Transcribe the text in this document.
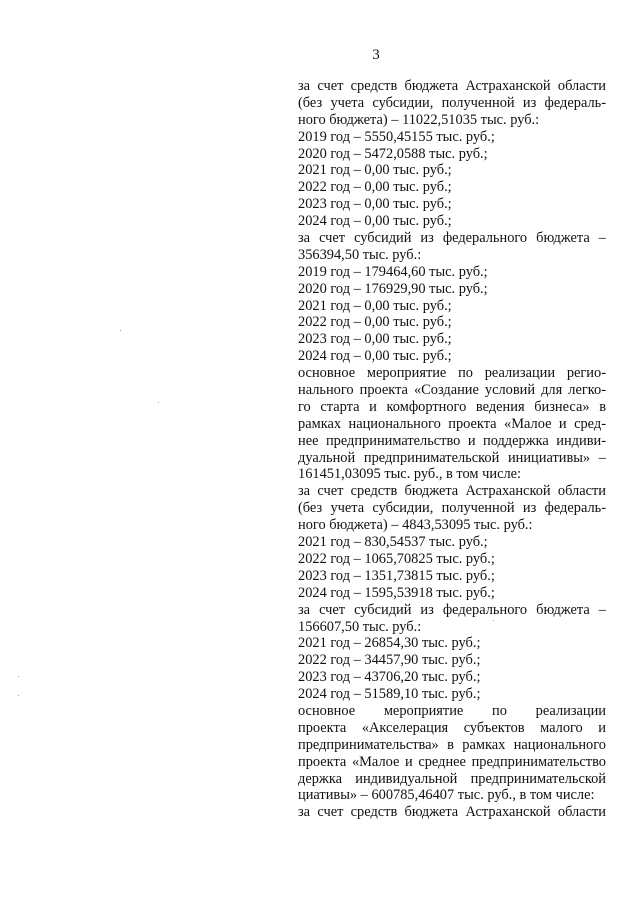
3
за счет средств бюджета Астраханской области
(без учета субсидии, полученной из федераль-
ного бюджета) – 11022,51035 тыс. руб.:
2019 год – 5550,45155 тыс. руб.;
2020 год – 5472,0588 тыс. руб.;
2021 год – 0,00 тыс. руб.;
2022 год – 0,00 тыс. руб.;
2023 год – 0,00 тыс. руб.;
2024 год – 0,00 тыс. руб.;
за счет субсидий из федерального бюджета –
356394,50 тыс. руб.:
2019 год – 179464,60 тыс. руб.;
2020 год – 176929,90 тыс. руб.;
2021 год – 0,00 тыс. руб.;
2022 год – 0,00 тыс. руб.;
2023 год – 0,00 тыс. руб.;
2024 год – 0,00 тыс. руб.;
основное мероприятие по реализации регио-
нального проекта «Создание условий для легко-
го старта и комфортного ведения бизнеса» в
рамках национального проекта «Малое и сред-
нее предпринимательство и поддержка индиви-
дуальной предпринимательской инициативы» –
161451,03095 тыс. руб., в том числе:
за счет средств бюджета Астраханской области
(без учета субсидии, полученной из федераль-
ного бюджета) – 4843,53095 тыс. руб.:
2021 год – 830,54537 тыс. руб.;
2022 год – 1065,70825 тыс. руб.;
2023 год – 1351,73815 тыс. руб.;
2024 год – 1595,53918 тыс. руб.;
за счет субсидий из федерального бюджета –
156607,50 тыс. руб.:
2021 год – 26854,30 тыс. руб.;
2022 год – 34457,90 тыс. руб.;
2023 год – 43706,20 тыс. руб.;
2024 год – 51589,10 тыс. руб.;
основное мероприятие по реализации
проекта «Акселерация субъектов малого и
предпринимательства» в рамках национального
проекта «Малое и среднее предпринимательство
держка индивидуальной предпринимательской
циативы» – 600785,46407 тыс. руб., в том числе:
за счет средств бюджета Астраханской области
